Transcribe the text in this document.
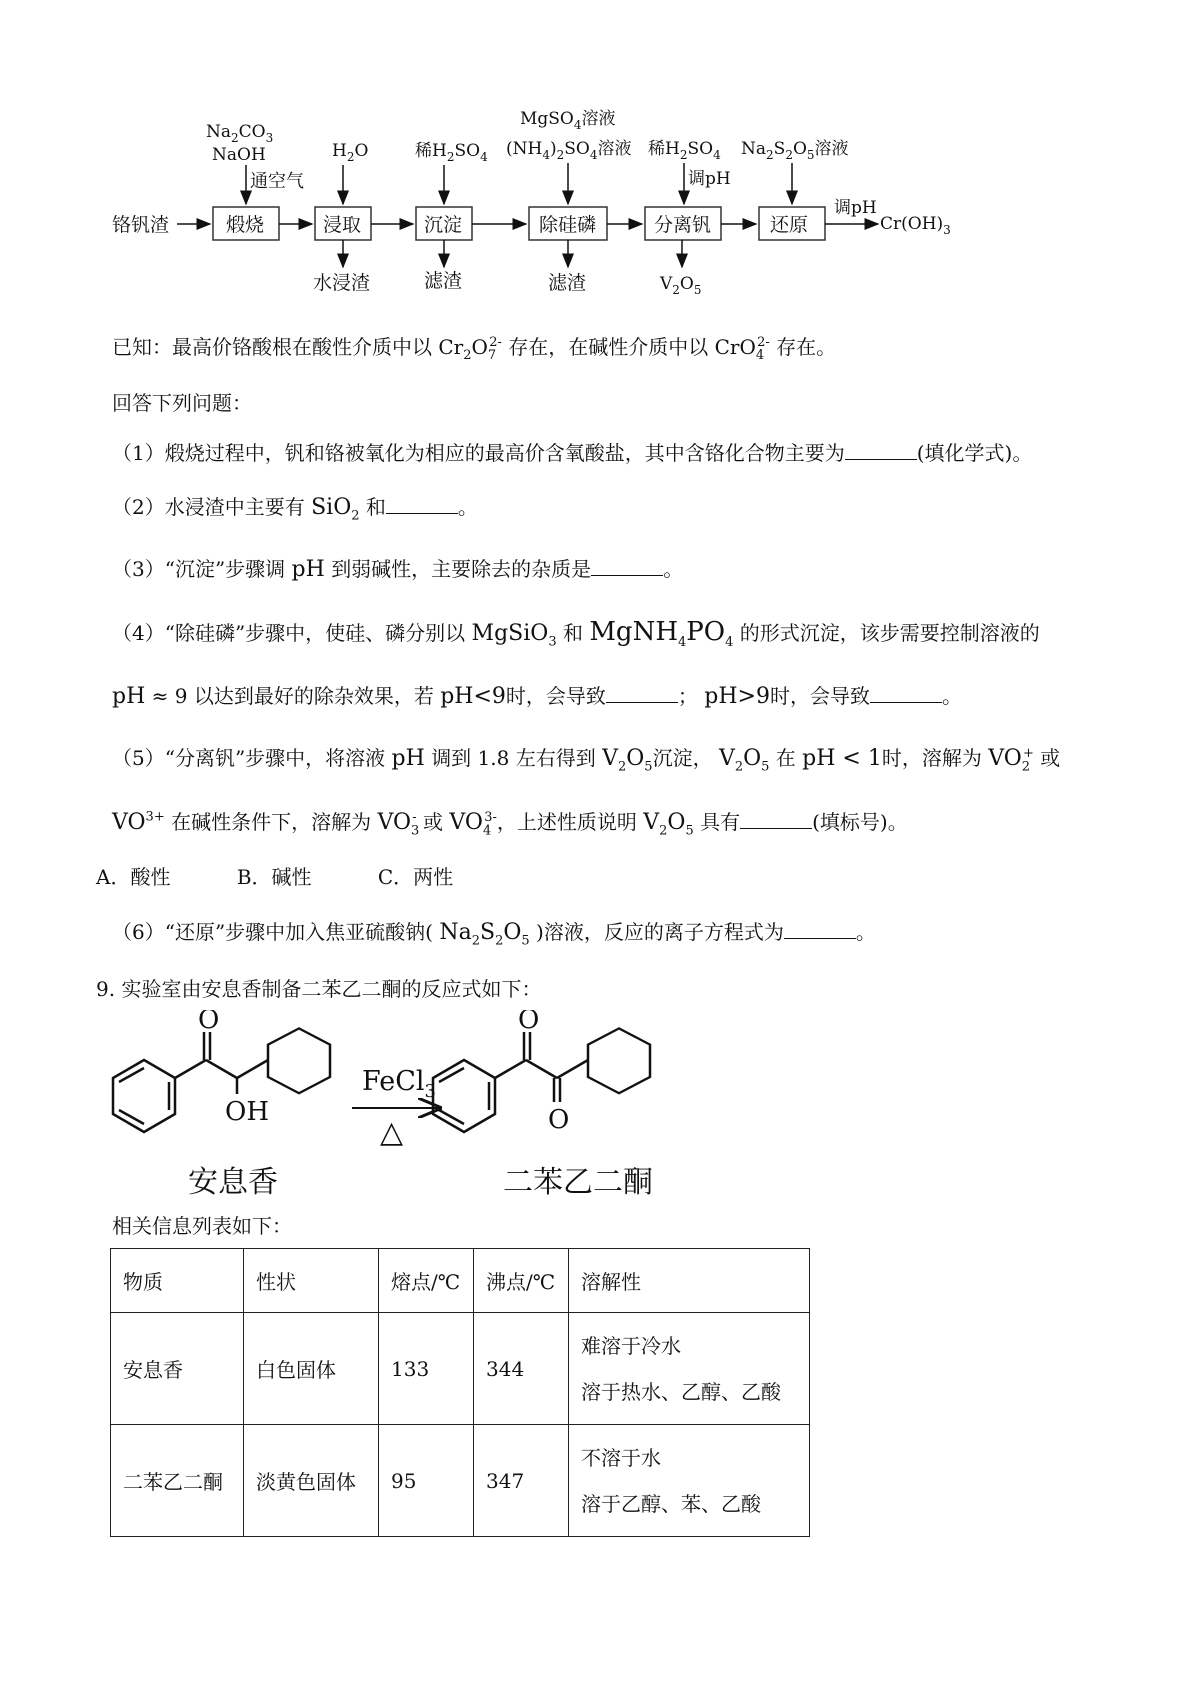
铬钒渣	煅烧	浸取	沉淀	除硅磷	分离钒	还原
调pH
$Cr(OH)_3$
$Na_2CO_3$
NaOH
通空气
$H_2O$	稀$H_2SO_4$
MgSO$_4$溶液
$(NH_4)_2SO_4$溶液 稀$H_2SO_4$
调pH
$Na_2S_2O_5$溶液
水浸渣	滤渣	滤渣	$V_2O_5$
已知：最高价铬酸根在酸性介质中以 $Cr_2O_7^{2-}$ 存在，在碱性介质中以 CrO$_4^{2-}$ 存在。
回答下列问题：
（1）煅烧过程中，钒和铬被氧化为相应的最高价含氧酸盐，其中含铬化合物主要为	(填化学式)。
（2）水浸渣中主要有 SiO$_2$ 和	。
（3）“沉淀”步骤调 pH 到弱碱性，主要除去的杂质是	。
（4）“除硅磷”步骤中，使硅、磷分别以 MgSiO$_3$ 和 $MgNH_4PO_4$ 的形式沉淀，该步需要控制溶液的
pH ≈ 9 以达到最好的除杂效果，若 pH<9时，会导致	； pH>9时，会导致	。
（5）“分离钒”步骤中，将溶液 pH 调到 1.8 左右得到 $V_2O_5$沉淀， $V_2O_5$ 在 pH < 1时，溶解为 $VO_2^+$ 或
$VO^{3+}$ 在碱性条件下，溶解为 $VO_3^-$ 或 $VO_4^{3-}$，上述性质说明 $V_2O_5$ 具有	(填标号)。
A．酸性	B．碱性	C．两性
（6）“还原”步骤中加入焦亚硫酸钠( $Na_2S_2O_5$ )溶液，反应的离子方程式为	。
9. 实验室由安息香制备二苯乙二酮的反应式如下：
O
OH
FeCl$_3$
△
O
O
安息香	二苯乙二酮
相关信息列表如下：
物质	性状	熔点/℃	沸点/℃	溶解性
安息香	白色固体	133	344	难溶于冷水
溶于热水、乙醇、乙酸

二苯乙二酮	淡黄色固体	95	347	不溶于水
溶于乙醇、苯、乙酸
